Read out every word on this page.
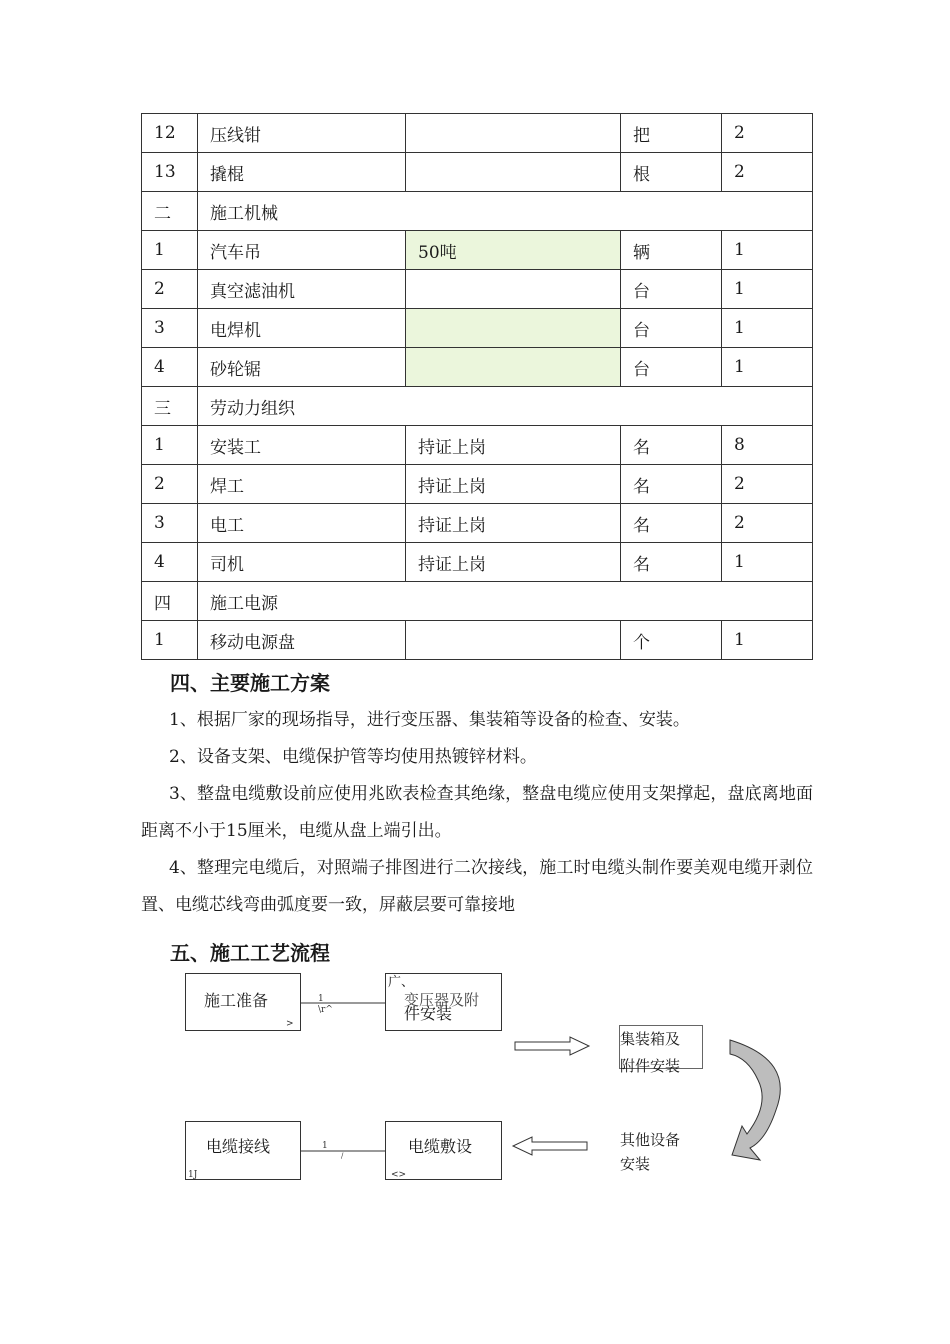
12	压线钳		把	2
13	撬棍		根	2
二	施工机械			
1	汽车吊	50吨	辆	1
2	真空滤油机		台	1
3	电焊机		台	1
4	砂轮锯		台	1
三	劳动力组织			
1	安装工	持证上岗	名	8
2	焊工	持证上岗	名	2
3	电工	持证上岗	名	2
4	司机	持证上岗	名	1
四	施工电源			
1	移动电源盘		个	1
四、主要施工方案

1、根据厂家的现场指导，进行变压器、集装箱等设备的检查、安装。

2、设备支架、电缆保护管等均使用热镀锌材料。

3、整盘电缆敷设前应使用兆欧表检查其绝缘，整盘电缆应使用支架撑起，盘底离地面距离不小于15厘米，电缆从盘上端引出。

4、整理完电缆后，对照端子排图进行二次接线，施工时电缆头制作要美观电缆开剥位置、电缆芯线弯曲弧度要一致，屏蔽层要可靠接地

五、施工工艺流程
施工准备
>
1
\r^
广、
变压器及附
件安装
集装箱及
附件安装
其他设备
安装
电缆敷设
<>
1
/
电缆接线
1J
